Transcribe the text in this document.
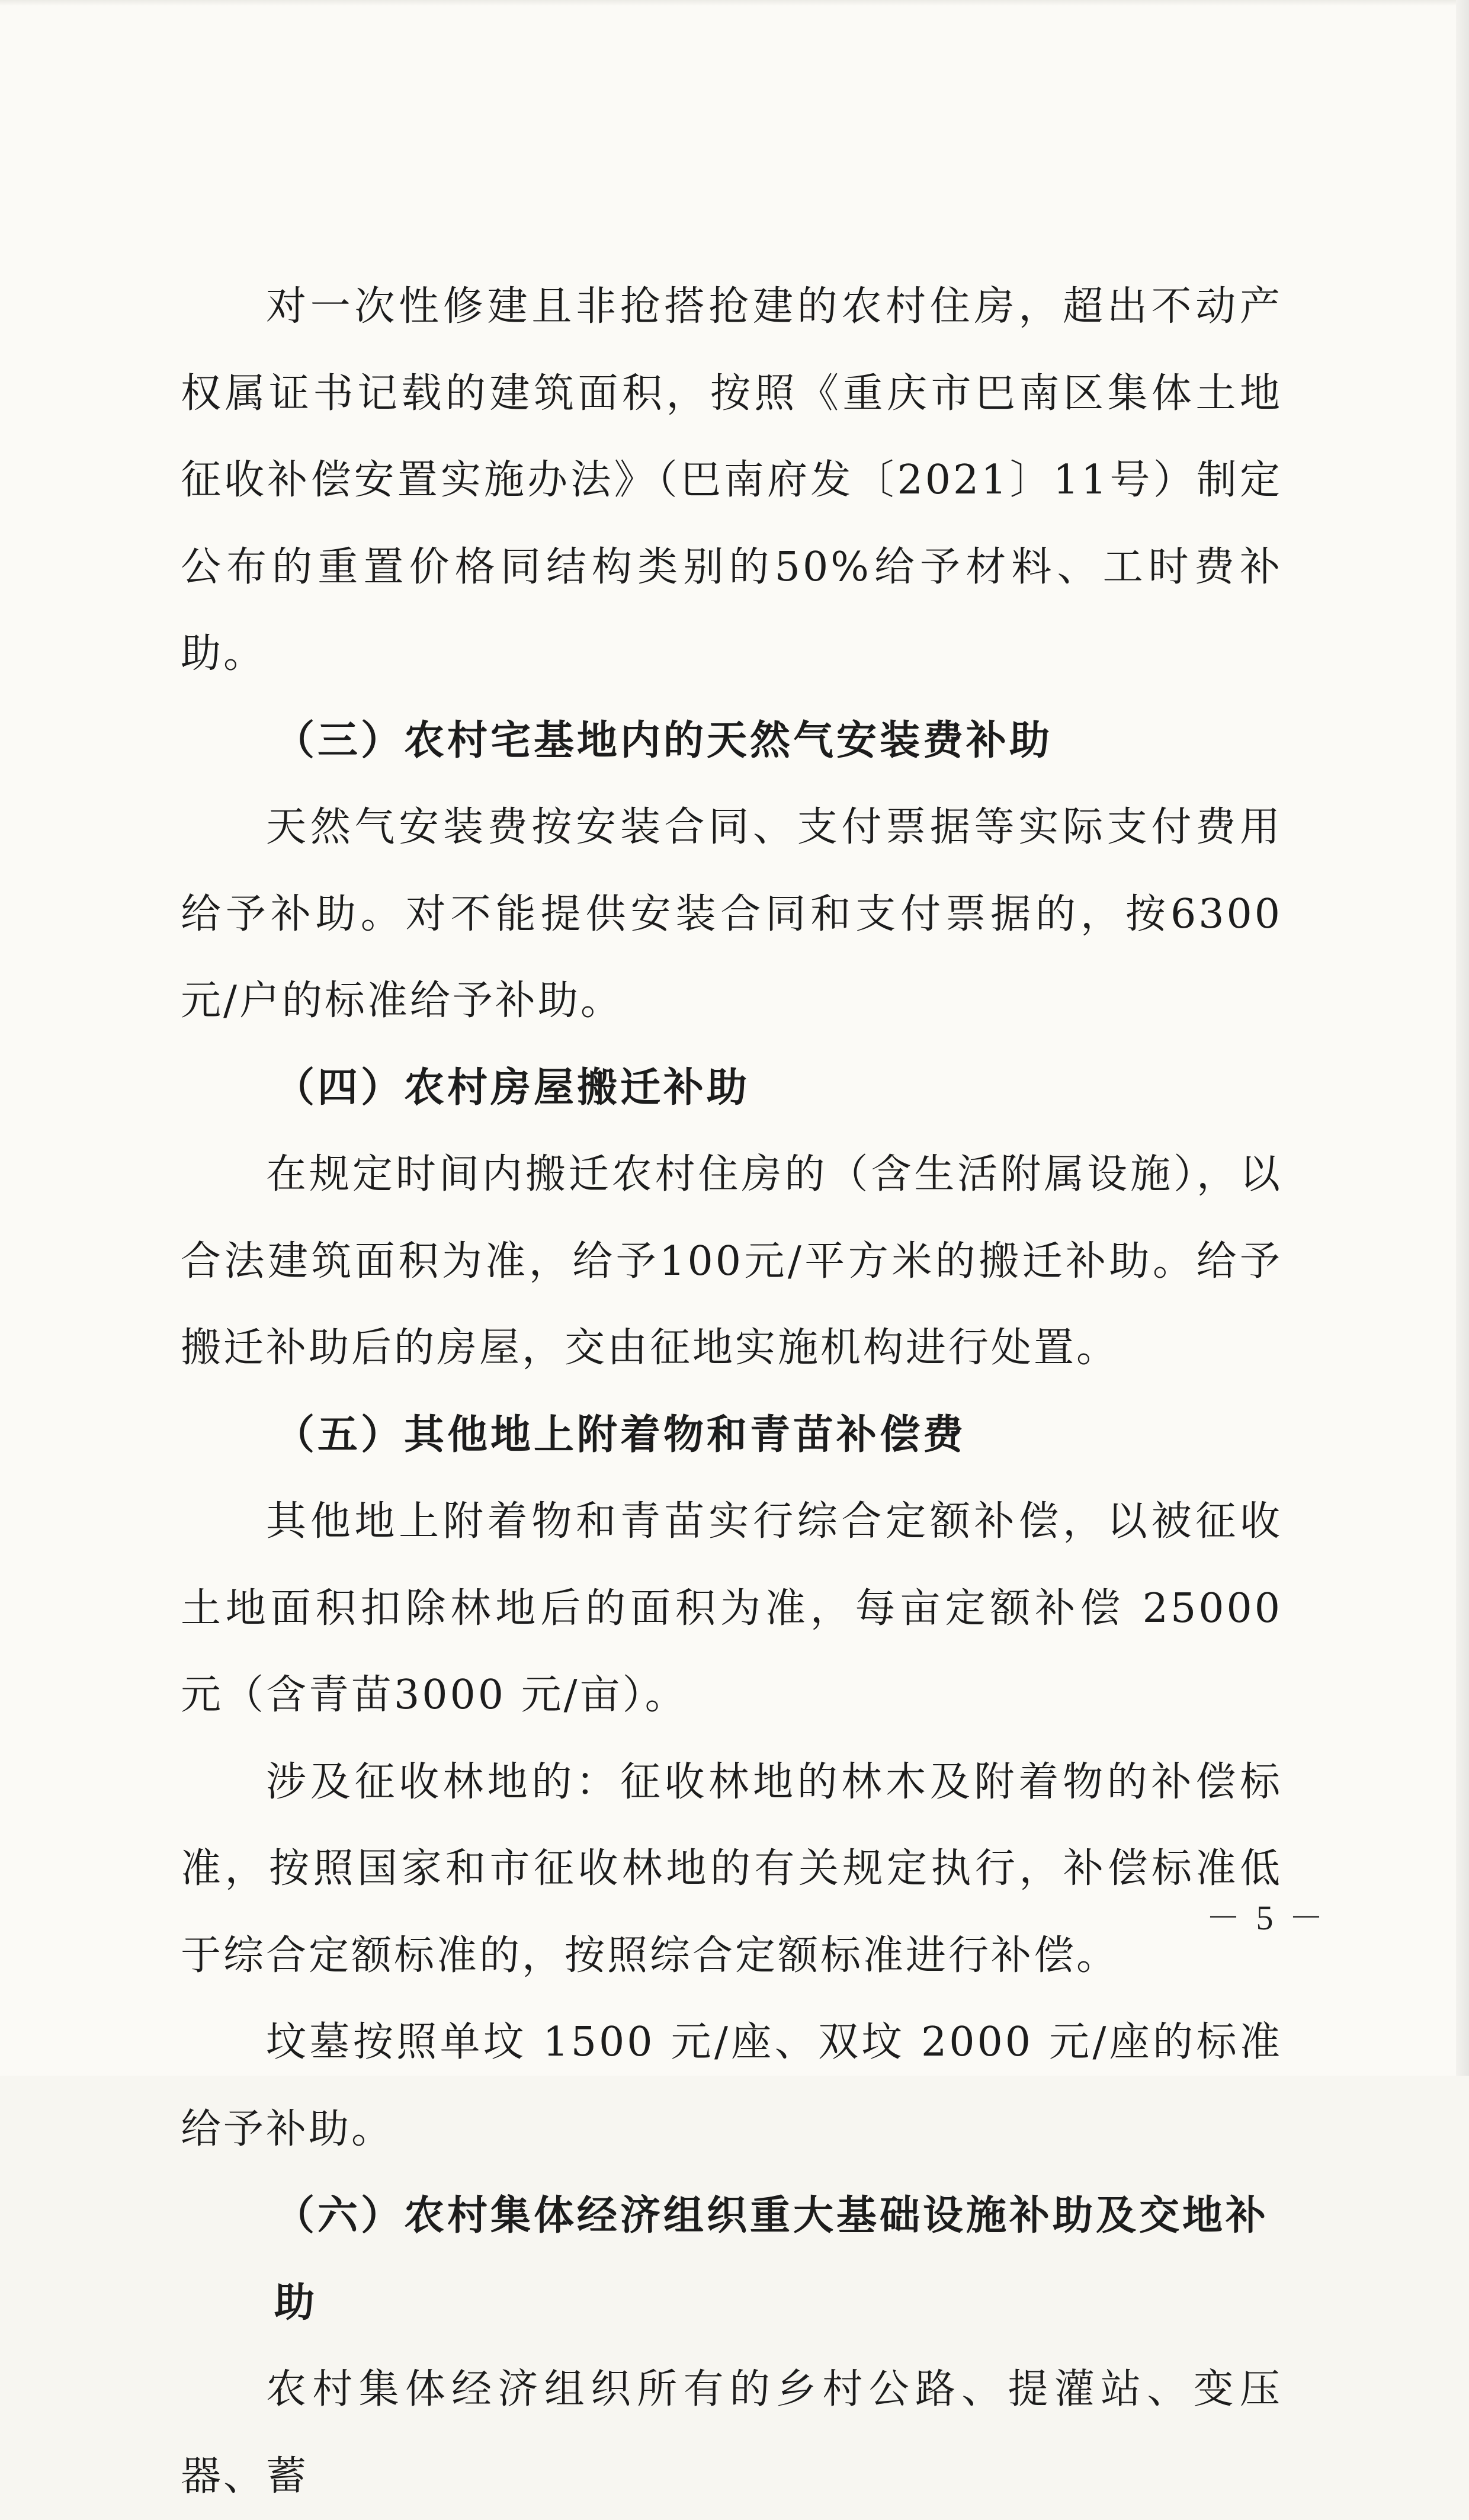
对一次性修建且非抢搭抢建的农村住房，超出不动产权属证书记载的建筑面积，按照《重庆市巴南区集体土地征收补偿安置实施办法》（巴南府发〔2021〕11号）制定公布的重置价格同结构类别的50%给予材料、工时费补助。

（三）农村宅基地内的天然气安装费补助

天然气安装费按安装合同、支付票据等实际支付费用给予补助。对不能提供安装合同和支付票据的，按6300元/户的标准给予补助。

（四）农村房屋搬迁补助

在规定时间内搬迁农村住房的（含生活附属设施），以合法建筑面积为准，给予100元/平方米的搬迁补助。给予搬迁补助后的房屋，交由征地实施机构进行处置。

（五）其他地上附着物和青苗补偿费

其他地上附着物和青苗实行综合定额补偿，以被征收土地面积扣除林地后的面积为准，每亩定额补偿 25000 元（含青苗3000 元/亩）。

涉及征收林地的：征收林地的林木及附着物的补偿标准，按照国家和市征收林地的有关规定执行，补偿标准低于综合定额标准的，按照综合定额标准进行补偿。

坟墓按照单坟 1500 元/座、双坟 2000 元/座的标准给予补助。

（六）农村集体经济组织重大基础设施补助及交地补助

农村集体经济组织所有的乡村公路、提灌站、变压器、蓄

－ 5 －
